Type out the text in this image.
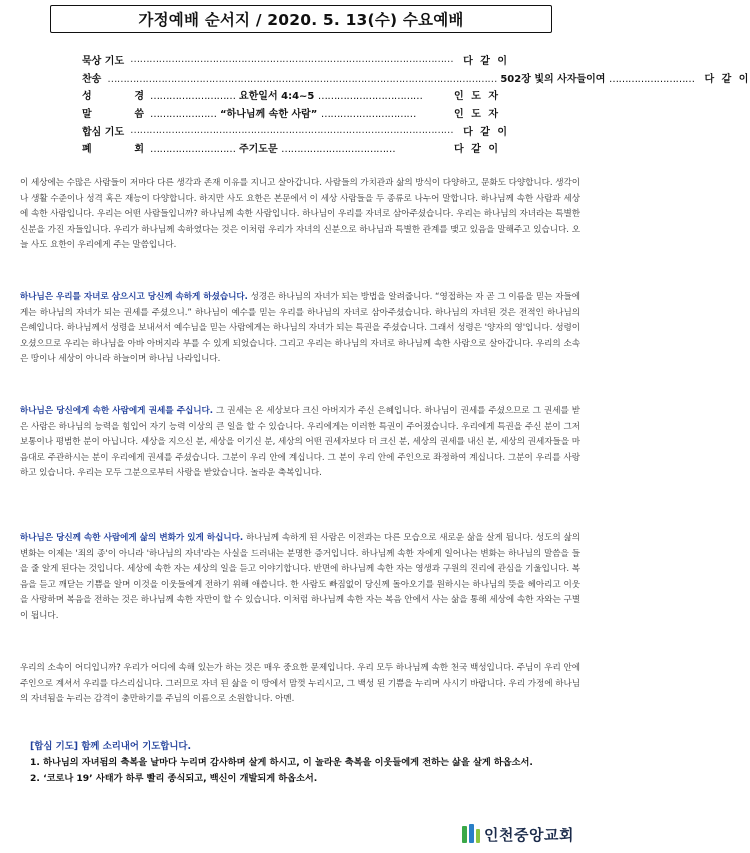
가정예배 순서지 / 2020. 5. 13(수) 수요예배
묵상 기도 …………………………………………………………………………………………	다 같 이
찬 송 ………………… …………………………………………………………………………………………	502장 빛의 사자들이여 ………………………	다 같 이
성	경 ……………………… 요한일서 4:4~5 ……………………………	인 도 자
말	씀 ………………… “하나님께 속한 사람” …………………………	인 도 자
합심 기도 …………………………………………………………………………………………	다 같 이
폐	회 ……………………… 주기도문 ………………………………	다 같 이
이 세상에는 수많은 사람들이 저마다 다른 생각과 존재 이유를 지니고 살아갑니다. 사람들의 가치관과 삶의 방식이 다양하고, 문화도 다양합니다. 생각이나 생활 수준이나 성격 혹은 재능이 다양합니다. 하지만 사도 요한은 본문에서 이 세상 사람들을 두 종류로 나누어 말합니다. 하나님께 속한 사람과 세상에 속한 사람입니다. 우리는 어떤 사람들입니까? 하나님께 속한 사람입니다. 하나님이 우리를 자녀로 삼아주셨습니다. 우리는 하나님의 자녀라는 특별한 신분을 가진 자들입니다. 우리가 하나님께 속하였다는 것은 이처럼 우리가 자녀의 신분으로 하나님과 특별한 관계를 맺고 있음을 말해주고 있습니다. 오늘 사도 요한이 우리에게 주는 말씀입니다.
하나님은 우리를 자녀로 삼으시고 당신께 속하게 하셨습니다. 성경은 하나님의 자녀가 되는 방법을 알려줍니다. “영접하는 자 곧 그 이름을 믿는 자들에게는 하나님의 자녀가 되는 권세를 주셨으니.” 하나님이 예수를 믿는 우리를 하나님의 자녀로 삼아주셨습니다. 하나님의 자녀된 것은 전적인 하나님의 은혜입니다. 하나님께서 성령을 보내셔서 예수님을 믿는 사람에게는 하나님의 자녀가 되는 특권을 주셨습니다. 그래서 성령은 '양자의 영'입니다. 성령이 오셨으므로 우리는 하나님을 아바 아버지라 부를 수 있게 되었습니다. 그리고 우리는 하나님의 자녀로 하나님께 속한 사람으로 살아갑니다. 우리의 소속은 땅이나 세상이 아니라 하늘이며 하나님 나라입니다.
하나님은 당신에게 속한 사람에게 권세를 주십니다. 그 권세는 온 세상보다 크신 아버지가 주신 은혜입니다. 하나님이 권세를 주셨으므로 그 권세를 받은 사람은 하나님의 능력을 힘입어 자기 능력 이상의 큰 일을 할 수 있습니다. 우리에게는 이러한 특권이 주어졌습니다. 우리에게 특권을 주신 분이 그저 보통이나 평범한 분이 아닙니다. 세상을 지으신 분, 세상을 이기신 분, 세상의 어떤 권세자보다 더 크신 분, 세상의 권세를 내신 분, 세상의 권세자들을 마음대로 주관하시는 분이 우리에게 권세를 주셨습니다. 그분이 우리 안에 계십니다. 그 분이 우리 안에 주인으로 좌정하여 계십니다. 그분이 우리를 사랑하고 있습니다. 우리는 모두 그분으로부터 사랑을 받았습니다. 놀라운 축복입니다.
하나님은 당신께 속한 사람에게 삶의 변화가 있게 하십니다. 하나님께 속하게 된 사람은 이전과는 다른 모습으로 새로운 삶을 살게 됩니다. 성도의 삶의 변화는 이제는 '죄의 종'이 아니라 '하나님의 자녀'라는 사실을 드러내는 분명한 증거입니다. 하나님께 속한 자에게 일어나는 변화는 하나님의 말씀을 들을 줄 알게 된다는 것입니다. 세상에 속한 자는 세상의 일을 듣고 이야기합니다. 반면에 하나님께 속한 자는 영생과 구원의 진리에 관심을 기울입니다. 복음을 듣고 깨닫는 기쁨을 알며 이것을 이웃들에게 전하기 위해 애씁니다. 한 사람도 빠짐없이 당신께 돌아오기를 원하시는 하나님의 뜻을 헤아리고 이웃을 사랑하며 복음을 전하는 것은 하나님께 속한 자만이 할 수 있습니다. 이처럼 하나님께 속한 자는 복음 안에서 사는 삶을 통해 세상에 속한 자와는 구별이 됩니다.
우리의 소속이 어디입니까? 우리가 어디에 속해 있는가 하는 것은 매우 중요한 문제입니다. 우리 모두 하나님께 속한 천국 백성입니다. 주님이 우리 안에 주인으로 계셔서 우리를 다스리십니다. 그러므로 자녀 된 삶을 이 땅에서 맘껏 누리시고, 그 백성 된 기쁨을 누리며 사시기 바랍니다. 우리 가정에 하나님의 자녀됨을 누리는 감격이 충만하기를 주님의 이름으로 소원합니다. 아멘.
[합심 기도] 함께 소리내어 기도합니다.
1. 하나님의 자녀됨의 축복을 날마다 누리며 감사하며 살게 하시고, 이 놀라운 축복을 이웃들에게 전하는 삶을 살게 하옵소서.
2. ‘코로나 19’ 사태가 하루 빨리 종식되고, 백신이 개발되게 하옵소서.
인천중앙교회
